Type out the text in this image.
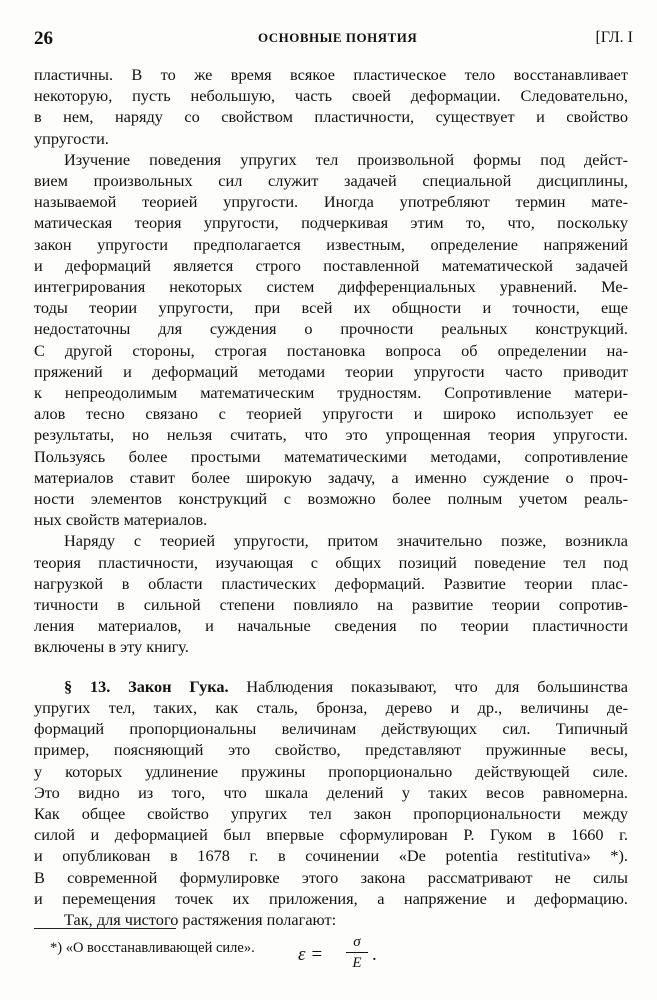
26	ОСНОВНЫЕ ПОНЯТИЯ	[ГЛ. I

пластичны. В то же время всякое пластическое тело восстанавливает
некоторую, пусть небольшую, часть своей деформации. Следовательно,
в нем, наряду со свойством пластичности, существует и свойство
упругости.

Изучение поведения упругих тел произвольной формы под дейст-
вием произвольных сил служит задачей специальной дисциплины,
называемой теорией упругости. Иногда употребляют термин мате-
матическая теория упругости, подчеркивая этим то, что, поскольку
закон упругости предполагается известным, определение напряжений
и деформаций является строго поставленной математической задачей
интегрирования некоторых систем дифференциальных уравнений. Ме-
тоды теории упругости, при всей их общности и точности, еще
недостаточны для суждения о прочности реальных конструкций.
С другой стороны, строгая постановка вопроса об определении на-
пряжений и деформаций методами теории упругости часто приводит
к непреодолимым математическим трудностям. Сопротивление матери-
алов тесно связано с теорией упругости и широко использует ее
результаты, но нельзя считать, что это упрощенная теория упругости.
Пользуясь более простыми математическими методами, сопротивление
материалов ставит более широкую задачу, а именно суждение о проч-
ности элементов конструкций с возможно более полным учетом реаль-
ных свойств материалов.

Наряду с теорией упругости, притом значительно позже, возникла
теория пластичности, изучающая с общих позиций поведение тел под
нагрузкой в области пластических деформаций. Развитие теории плас-
тичности в сильной степени повлияло на развитие теории сопротив-
ления материалов, и начальные сведения по теории пластичности
включены в эту книгу.

§ 13. Закон Гука. Наблюдения показывают, что для большинства
упругих тел, таких, как сталь, бронза, дерево и др., величины де-
формаций пропорциональны величинам действующих сил. Типичный
пример, поясняющий это свойство, представляют пружинные весы,
у которых удлинение пружины пропорционально действующей силе.
Это видно из того, что шкала делений у таких весов равномерна.
Как общее свойство упругих тел закон пропорциональности между
силой и деформацией был впервые сформулирован Р. Гуком в 1660 г.
и опубликован в 1678 г. в сочинении «De potentia restitutiva» *).
В современной формулировке этого закона рассматривают не силы
и перемещения точек их приложения, а напряжение и деформацию.

Так, для чистого растяжения полагают:

ε =
σ
E .
*) «О восстанавливающей силе».
